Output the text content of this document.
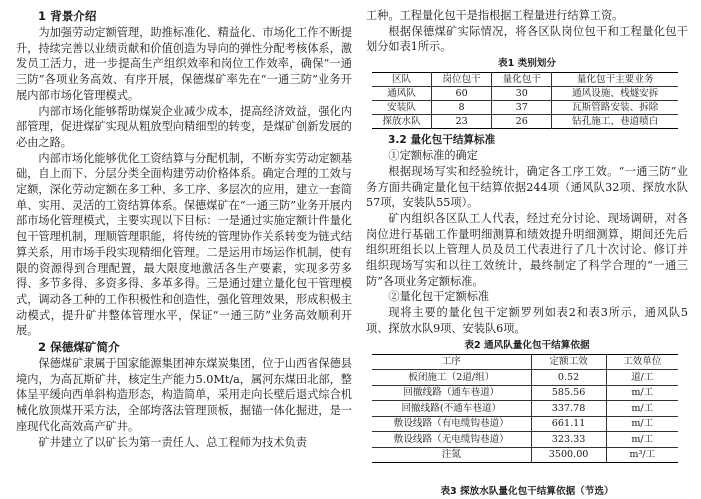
1 背景介绍

为加强劳动定额管理，助推标准化、精益化、市场化工作不断提升，持续完善以业绩贡献和价值创造为导向的弹性分配考核体系，激发员工活力，进一步提高生产组织效率和岗位工作效率，确保“一通三防”各项业务高效、有序开展，保德煤矿率先在“一通三防”业务开展内部市场化管理模式。

内部市场化能够帮助煤炭企业减少成本，提高经济效益，强化内部管理，促进煤矿实现从粗放型向精细型的转变，是煤矿创新发展的必由之路。

内部市场化能够优化工资结算与分配机制，不断夯实劳动定额基础，自上而下、分层分类全面构建劳动价格体系。确定合理的工效与定额，深化劳动定额在多工种、多工序、多层次的应用，建立一套简单、实用、灵活的工资结算体系。保德煤矿在“一通三防”业务开展内部市场化管理模式，主要实现以下目标：一是通过实施定额计件量化包干管理机制，理顺管理职能，将传统的管理协作关系转变为链式结算关系，用市场手段实现精细化管理。二是运用市场运作机制，使有限的资源得到合理配置，最大限度地激活各生产要素，实现多劳多得、多节多得、多资多得、多革多得。三是通过建立量化包干管理模式，调动各工种的工作积极性和创造性，强化管理效果，形成积极主动模式，提升矿井整体管理水平，保证“一通三防”业务高效顺利开展。

2 保德煤矿简介

保德煤矿隶属于国家能源集团神东煤炭集团，位于山西省保德县境内，为高瓦斯矿井，核定生产能力5.0Mt/a，属河东煤田北部，整体呈平缓向西单斜构造形态，构造简单，采用走向长壁后退式综合机械化放顶煤开采方法，全部垮落法管理顶板，掘锚一体化掘进，是一座现代化高效高产矿井。

矿井建立了以矿长为第一责任人、总工程师为技术负责

工种。工程量化包干是指根据工程量进行结算工资。

根据保德煤矿实际情况，将各区队岗位包干和工程量化包干划分如表1所示。

表1 类别划分
区队	岗位包干	量化包干	量化包干主要业务
通风队	60	30	通风设施、栈燧安拆
安装队	8	37	瓦斯管路安装、拆除
探放水队	23	26	钻孔施工、巷道喷白
3.2 量化包干结算标准

①定额标准的确定

根据现场写实和经验统计，确定各工序工效。“一通三防”业务方面共确定量化包干结算依据244项（通风队32项、探放水队57项，安装队55项）。

矿内组织各区队工人代表，经过充分讨论、现场调研，对各岗位进行基础工作量明细测算和绩效提升明细测算，期间还先后组织班组长以上管理人员及员工代表进行了几十次讨论、修订并组织现场写实和以往工效统计，最终制定了科学合理的“一通三防”各项业务定额标准。

②量化包干定额标准

现将主要的量化包干定额罗列如表2和表3所示，通风队5项、探放水队9项、安装队6项。

表2 通风队量化包干结算依据
工序	定额工效	工效单位
板闭施工（2道/组）	0.52	道/工
回撤线路（通车巷道）	585.56	m/工
回撤线路(不通车巷道）	337.78	m/工
敷设线路（有电缆钩巷道）	661.11	m/工
敷设线路（无电缆钩巷道）	323.33	m/工
注氮	3500.00	m³/工
表3 探放水队量化包干结算依据（节选）
